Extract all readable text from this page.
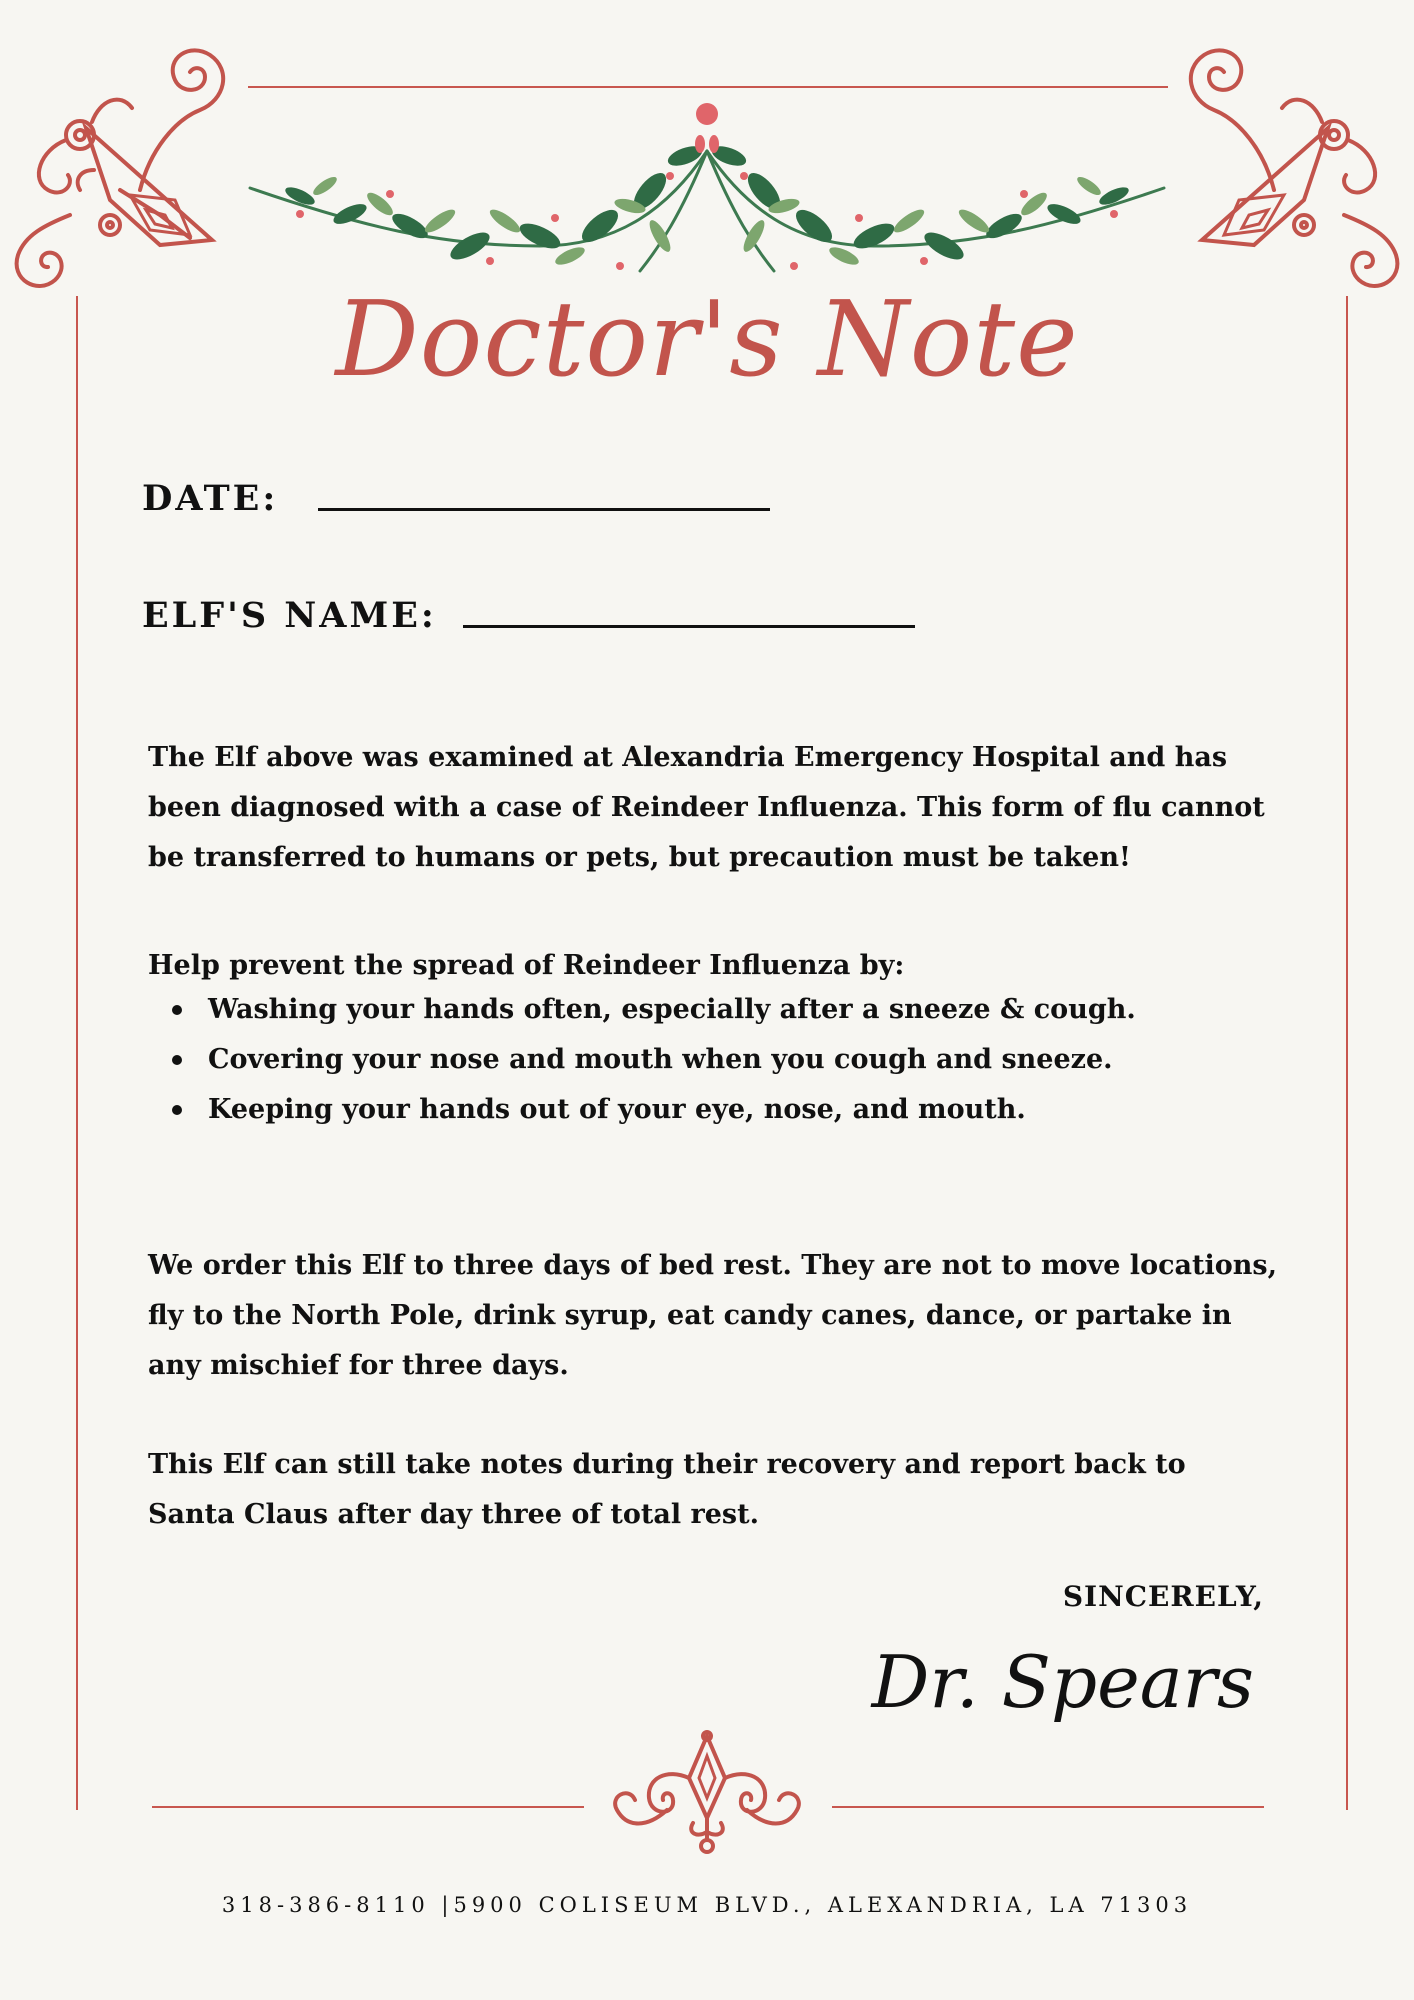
Doctor's Note
DATE:
ELF'S NAME:

The Elf above was examined at Alexandria Emergency Hospital and has been diagnosed with a case of Reindeer Influenza. This form of flu cannot be transferred to humans or pets, but precaution must be taken!

Help prevent the spread of Reindeer Influenza by:

Washing your hands often, especially after a sneeze & cough.
Covering your nose and mouth when you cough and sneeze.
Keeping your hands out of your eye, nose, and mouth.

We order this Elf to three days of bed rest. They are not to move locations, fly to the North Pole, drink syrup, eat candy canes, dance, or partake in any mischief for three days.

This Elf can still take notes during their recovery and report back to Santa Claus after day three of total rest.

SINCERELY,
Dr. Spears
318-386-8110 |5900 COLISEUM BLVD., ALEXANDRIA, LA 71303
